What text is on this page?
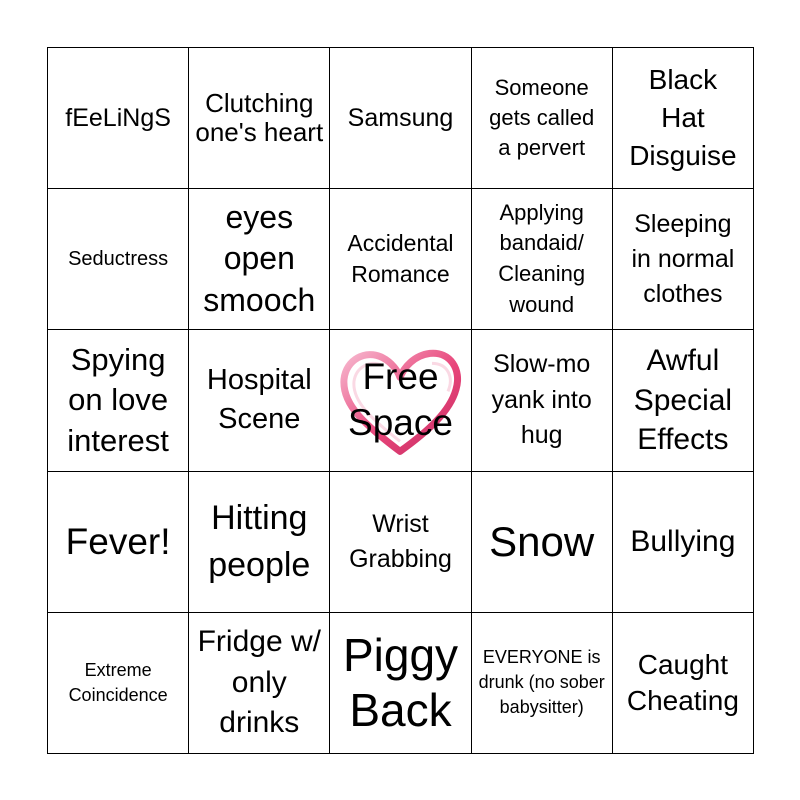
fEeLiNgS
Clutching one's heart Samsung
Someone gets called a pervert
Black Hat Disguise
Seductress
eyes open smooch
Accidental Romance
Applying bandaid/ Cleaning wound
Sleeping in normal clothes
Spying on love interest
Hospital Scene
Free Space
Slow-mo yank into hug
Awful Special Effects
Fever!
Hitting people
Wrist Grabbing Snow Bullying
Extreme Coincidence
Fridge w/ only drinks
Piggy Back
EVERYONE is drunk (no sober babysitter)
Caught Cheating
